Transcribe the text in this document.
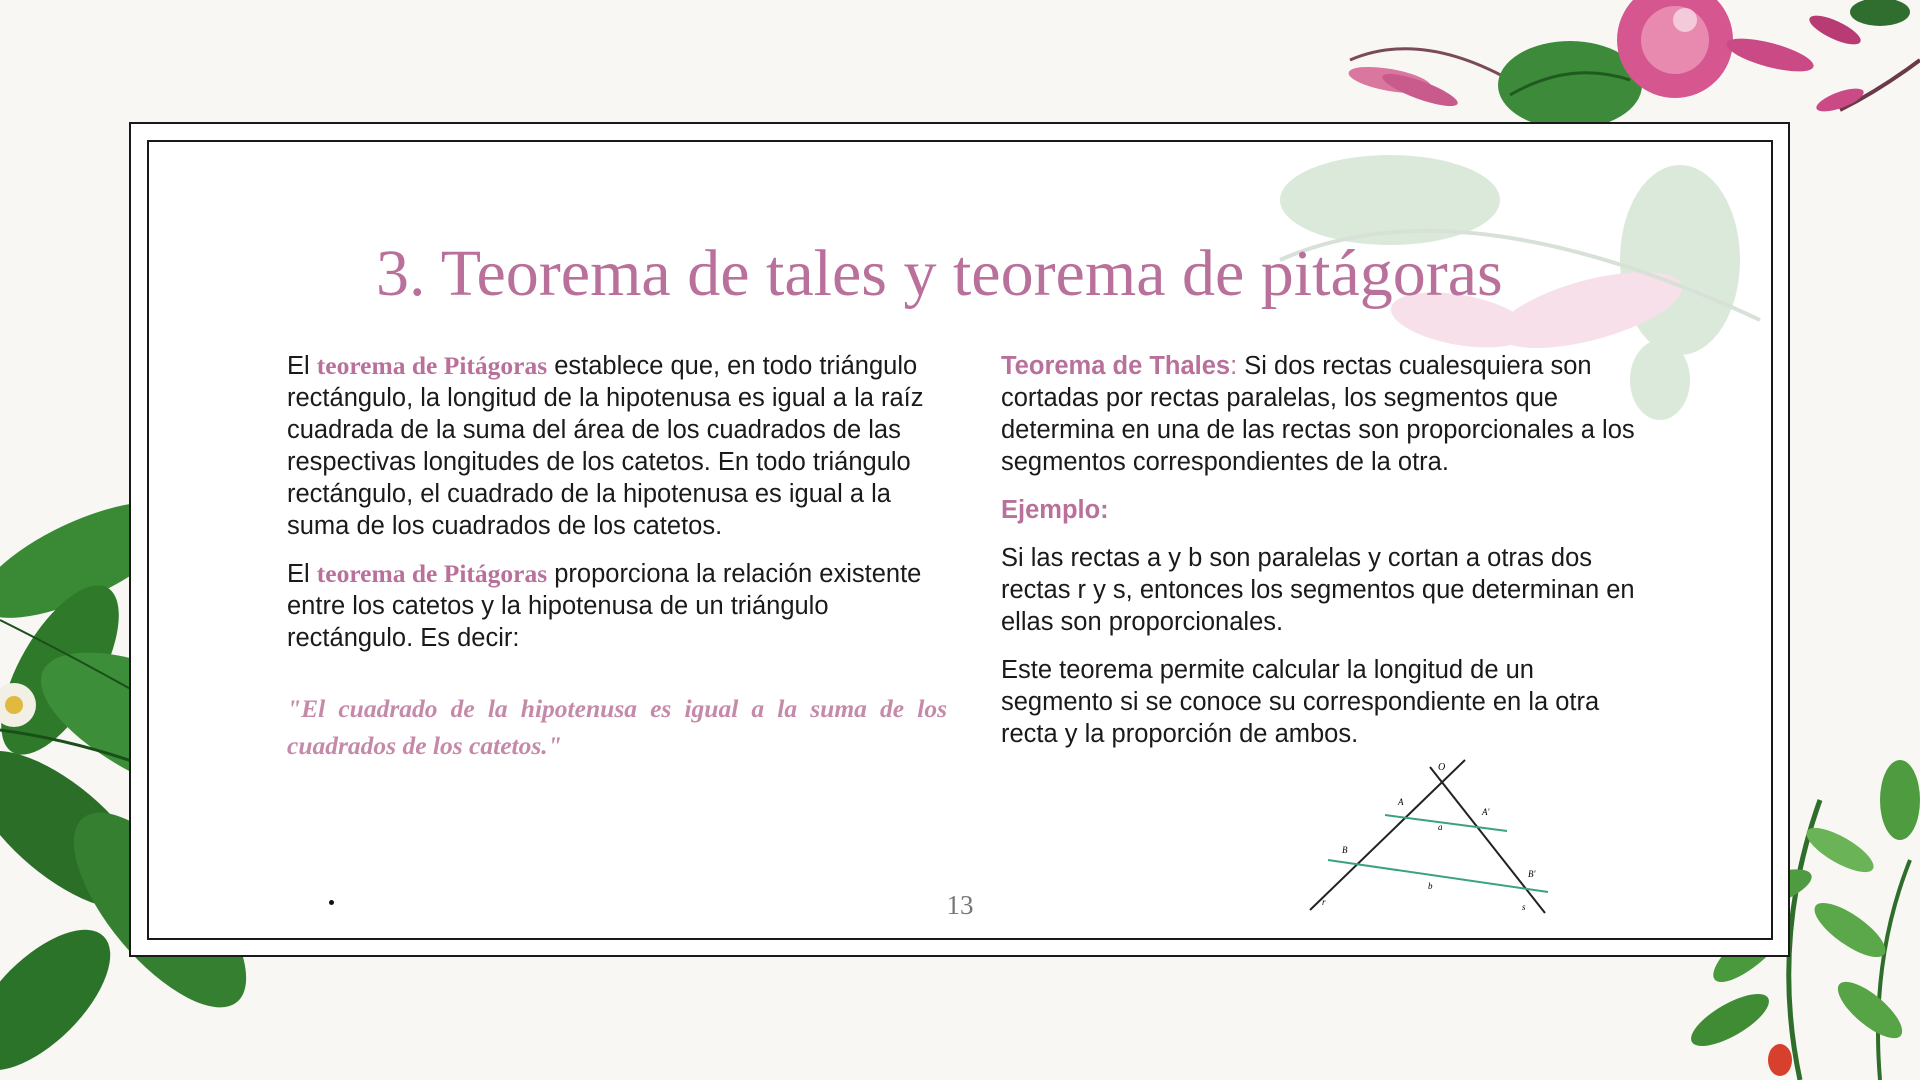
3. Teorema de tales y teorema de pitágoras

El teorema de Pitágoras establece que, en todo triángulo rectángulo, la longitud de la hipotenusa es igual a la raíz cuadrada de la suma del área de los cuadrados de las respectivas longitudes de los catetos. En todo triángulo rectángulo, el cuadrado de la hipotenusa es igual a la suma de los cuadrados de los catetos.

El teorema de Pitágoras proporciona la relación existente entre los catetos y la hipotenusa de un triángulo rectángulo. Es decir:

"El cuadrado de la hipotenusa es igual a la suma de los cuadrados de los catetos."

Teorema de Thales: Si dos rectas cualesquiera son cortadas por rectas paralelas, los segmentos que determina en una de las rectas son proporcionales a los segmentos correspondientes de la otra.

Ejemplo:

Si las rectas a y b son paralelas y cortan a otras dos rectas r y s, entonces los segmentos que determinan en ellas son proporcionales.

Este teorema permite calcular la longitud de un segmento si se conoce su correspondiente en la otra recta y la proporción de ambos.

O
A
A'
a
B
B'
b
r	s
13
